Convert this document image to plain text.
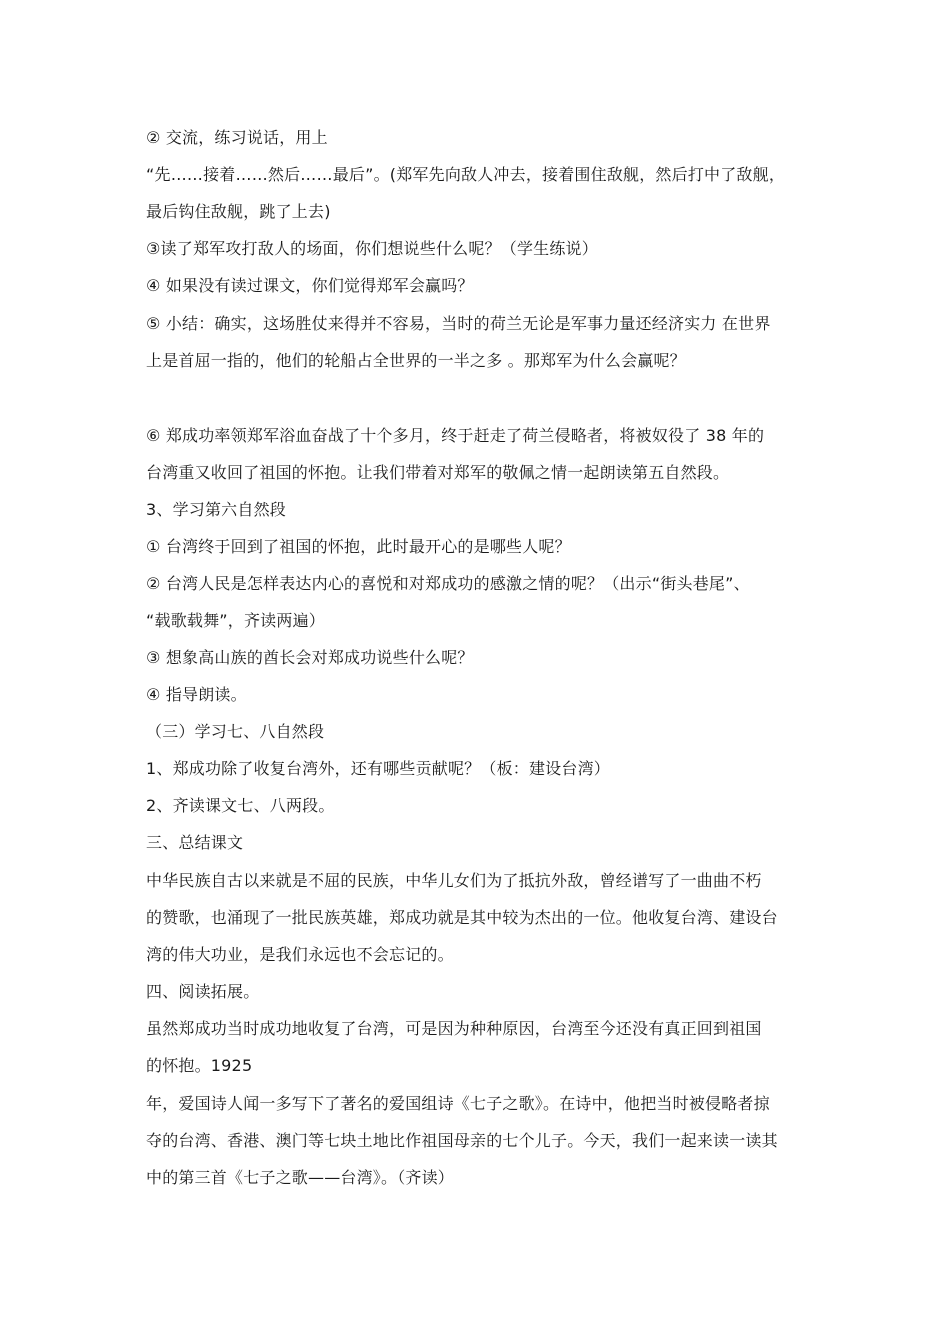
② 交流，练习说话，用上
“先……接着……然后……最后”。(郑军先向敌人冲去，接着围住敌舰，然后打中了敌舰，
最后钩住敌舰，跳了上去)
③读了郑军攻打敌人的场面，你们想说些什么呢？（学生练说）
④ 如果没有读过课文，你们觉得郑军会赢吗？
⑤ 小结：确实，这场胜仗来得并不容易，当时的荷兰无论是军事力量还经济实力 在世界
上是首屈一指的，他们的轮船占全世界的一半之多 。那郑军为什么会赢呢？
⑥ 郑成功率领郑军浴血奋战了十个多月，终于赶走了荷兰侵略者，将被奴役了 38 年的
台湾重又收回了祖国的怀抱。让我们带着对郑军的敬佩之情一起朗读第五自然段。
3、学习第六自然段
① 台湾终于回到了祖国的怀抱，此时最开心的是哪些人呢？
② 台湾人民是怎样表达内心的喜悦和对郑成功的感激之情的呢？（出示“街头巷尾”、
“载歌载舞”，齐读两遍）
③ 想象高山族的酋长会对郑成功说些什么呢？
④ 指导朗读。
（三）学习七、八自然段
1、郑成功除了收复台湾外，还有哪些贡献呢？（板：建设台湾）
2、齐读课文七、八两段。
三、总结课文
中华民族自古以来就是不屈的民族，中华儿女们为了抵抗外敌，曾经谱写了一曲曲不朽
的赞歌，也涌现了一批民族英雄，郑成功就是其中较为杰出的一位。他收复台湾、建设台
湾的伟大功业，是我们永远也不会忘记的。
四、阅读拓展。
虽然郑成功当时成功地收复了台湾，可是因为种种原因，台湾至今还没有真正回到祖国
的怀抱。1925
年，爱国诗人闻一多写下了著名的爱国组诗《七子之歌》。在诗中，他把当时被侵略者掠
夺的台湾、香港、澳门等七块土地比作祖国母亲的七个儿子。今天，我们一起来读一读其
中的第三首《七子之歌——台湾》。（齐读）
